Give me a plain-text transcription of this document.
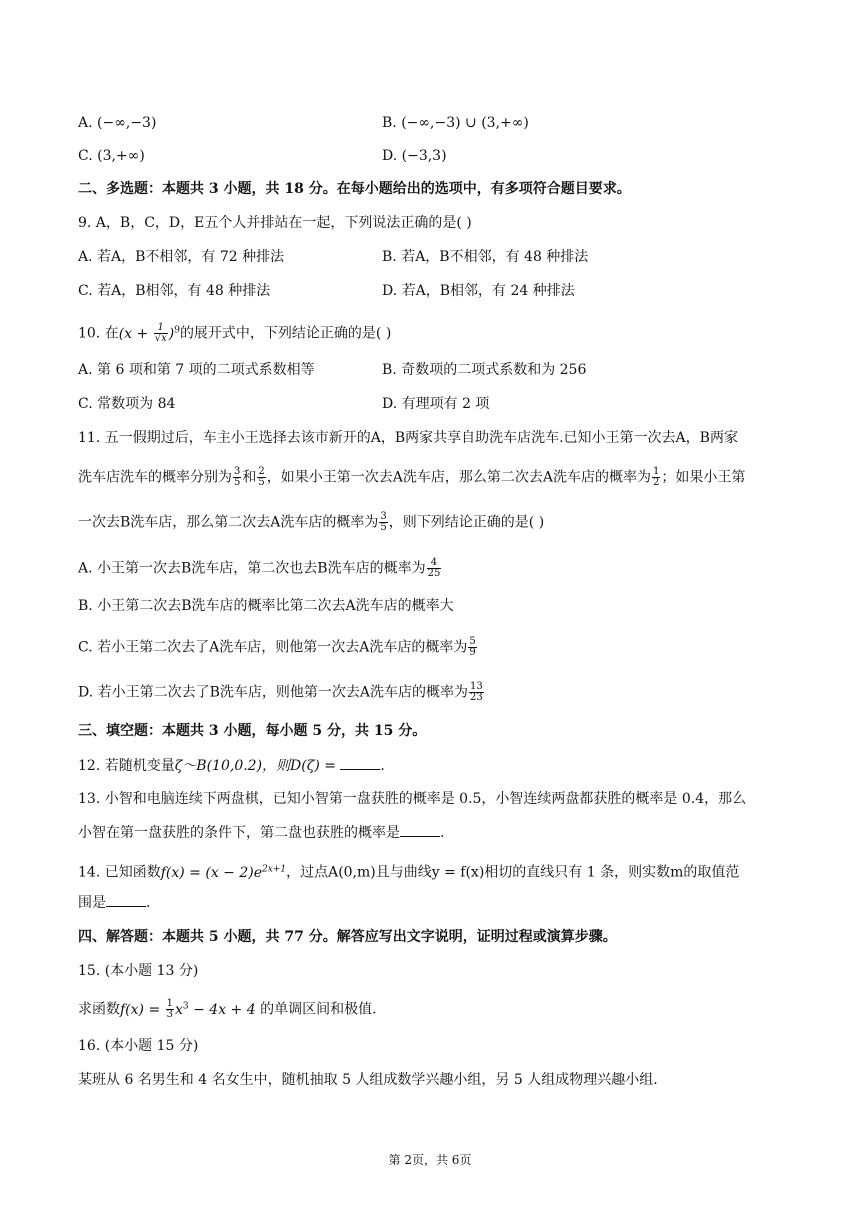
A. (−∞,−3)	B. (−∞,−3) ∪ (3,+∞)
C. (3,+∞)	D. (−3,3)
二、多选题：本题共 3 小题，共 18 分。在每小题给出的选项中，有多项符合题目要求。
9. A，B，C，D，E五个人并排站在一起，下列说法正确的是( )
A. 若A，B不相邻，有 72 种排法	B. 若A，B不相邻，有 48 种排法
C. 若A，B相邻，有 48 种排法	D. 若A，B相邻，有 24 种排法
10. 在$(x + \frac{1}{√x} )^9$的展开式中，下列结论正确的是( )
A. 第 6 项和第 7 项的二项式系数相等	B. 奇数项的二项式系数和为 256
C. 常数项为 84	D. 有理项有 2 项
11. 五一假期过后，车主小王选择去该市新开的A，B两家共享自助洗车店洗车.已知小王第一次去A，B两家
洗车店洗车的概率分别为 $\frac{3}{5}$ 和 $\frac{2}{5}$ ，如果小王第一次去A洗车店，那么第二次去A洗车店的概率为 $\frac{1}{2}$ ；如果小王第
一次去B洗车店，那么第二次去A洗车店的概率为 $\frac{3}{5}$ ，则下列结论正确的是( )
A. 小王第一次去B洗车店，第二次也去B洗车店的概率为 $\frac{4}{25}$
B. 小王第二次去B洗车店的概率比第二次去A洗车店的概率大
C. 若小王第二次去了A洗车店，则他第一次去A洗车店的概率为 $\frac{5}{9}$
D. 若小王第二次去了B洗车店，则他第一次去A洗车店的概率为 $\frac{13}{23}$
三、填空题：本题共 3 小题，每小题 5 分，共 15 分。
12. 若随机变量ζ～B(10,0.2)，则D(ζ) =	.
13. 小智和电脑连续下两盘棋，已知小智第一盘获胜的概率是 0.5，小智连续两盘都获胜的概率是 0.4，那么
小智在第一盘获胜的条件下，第二盘也获胜的概率是	.
14. 已知函数$f(x) = (x - 2)e^{2x+1}$，过点A(0,m)且与曲线y = f(x)相切的直线只有 1 条，则实数m的取值范
围是	.
四、解答题：本题共 5 小题，共 77 分。解答应写出文字说明，证明过程或演算步骤。
15. (本小题 13 分)
求函数$f(x) = \frac{1}{3} x^3 - 4x + 4$ 的单调区间和极值.
16. (本小题 15 分)
某班从 6 名男生和 4 名女生中，随机抽取 5 人组成数学兴趣小组，另 5 人组成物理兴趣小组.
第 2页，共 6页
